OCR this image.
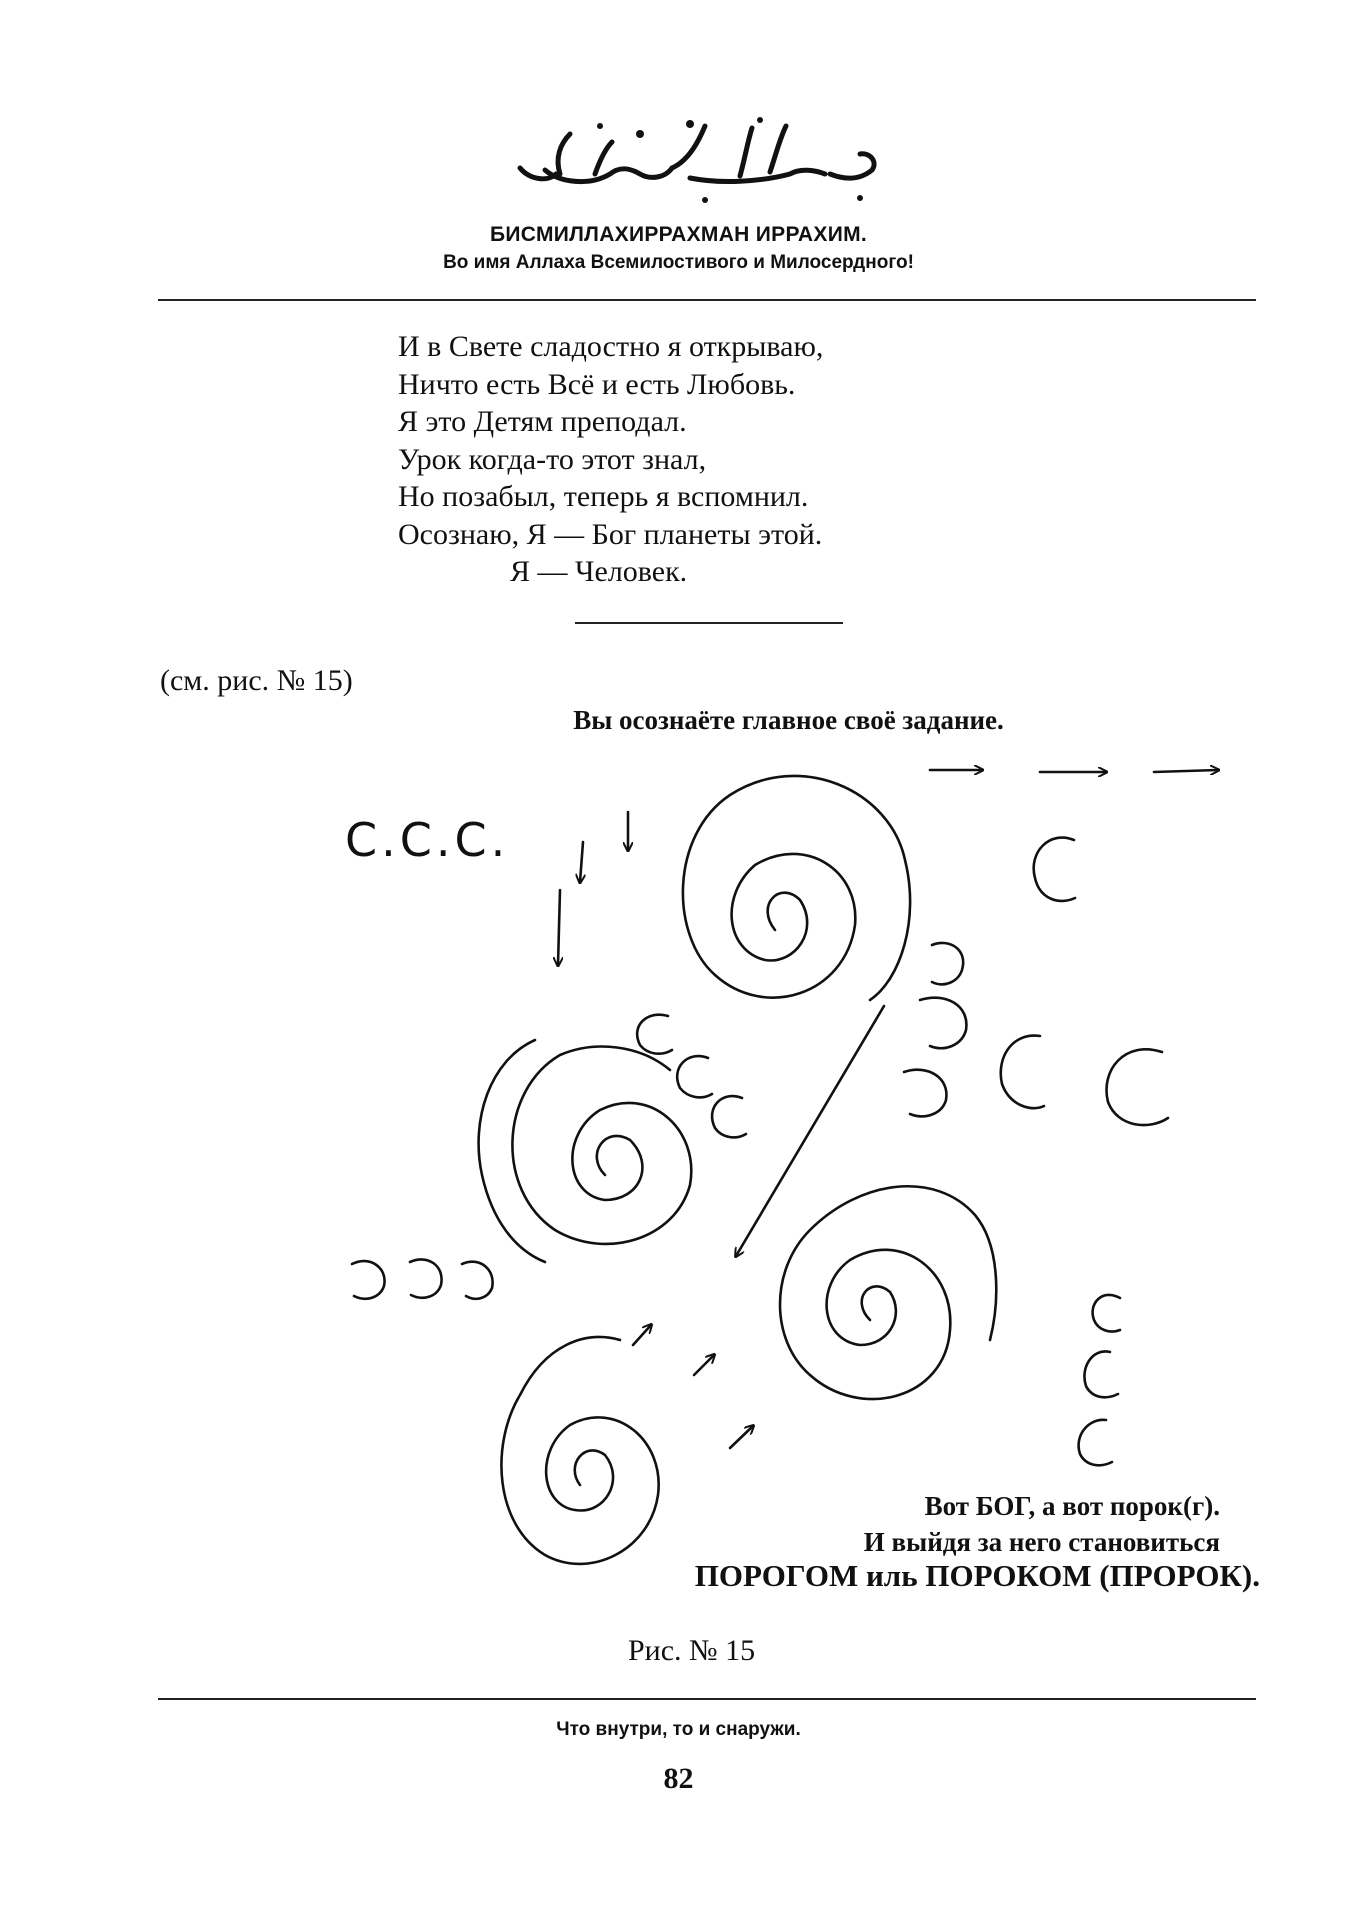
БИСМИЛЛАХИРРАХМАН ИРРАХИМ.
Во имя Аллаха Всемилостивого и Милосердного!
И в Свете сладостно я открываю,
Ничто есть Всё и есть Любовь.
Я это Детям преподал.
Урок когда-то этот знал,
Но позабыл, теперь я вспомнил.
Осознаю, Я — Бог планеты этой.
Я — Человек.
(см. рис. № 15)
Вы осознаёте главное своё задание.
C.C.C.
Вот БОГ, а вот порок(г).
И выйдя за него становиться
ПОРОГОМ иль ПОРОКОМ (ПРОРОК).
Рис. № 15
Что внутри, то и снаружи.
82
